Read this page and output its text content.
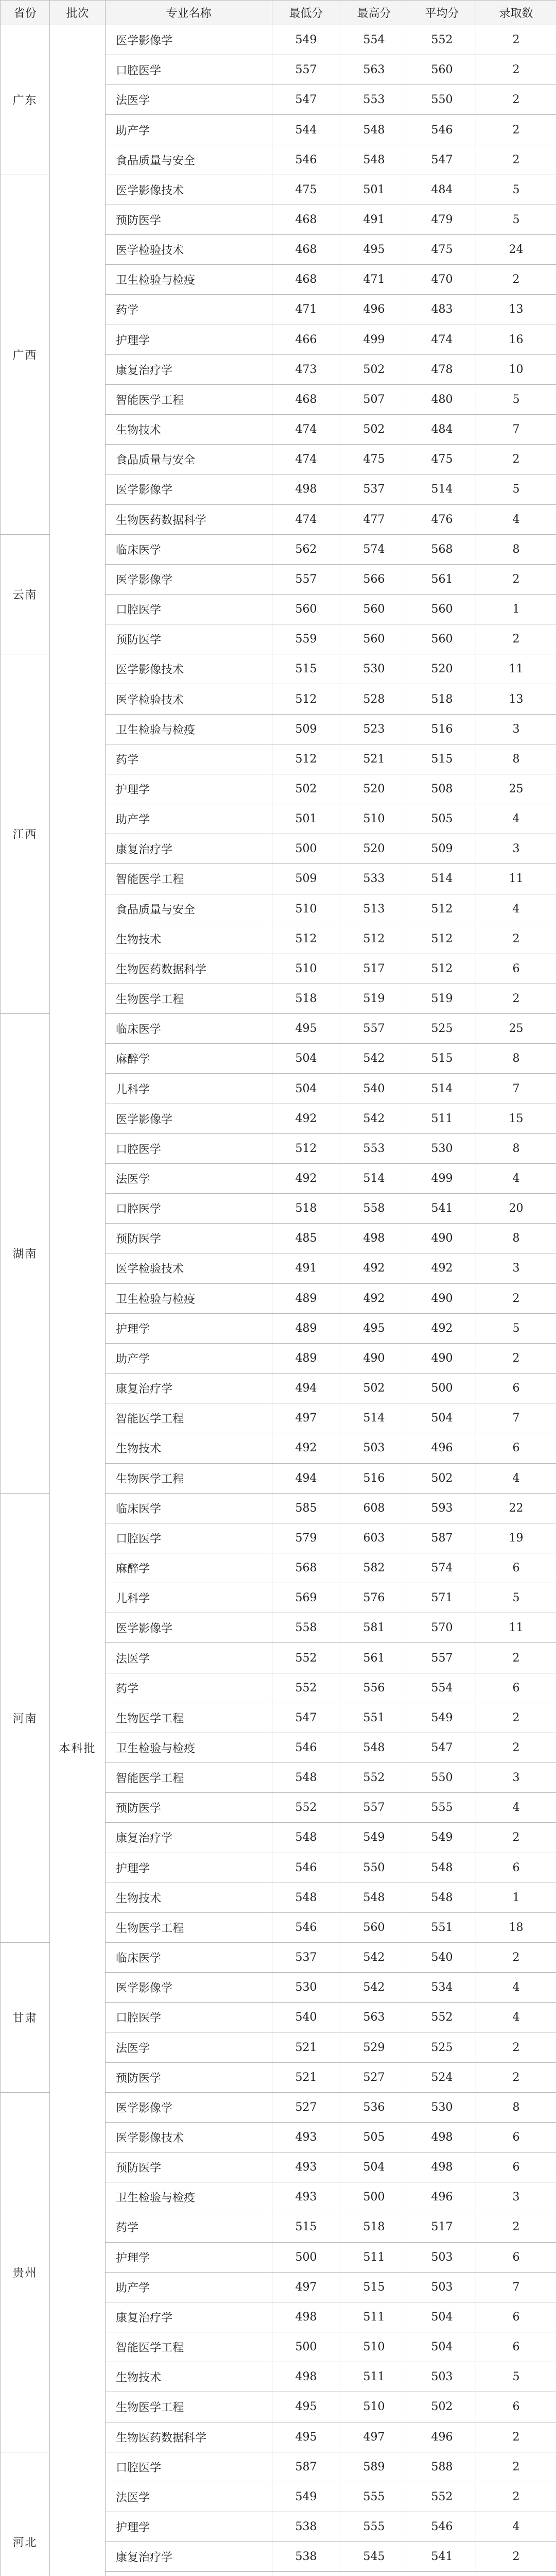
省份	批次	专业名称	最低分	最高分	平均分	录取数
广东	本科批	医学影像学	549	554	552	2
		口腔医学	557	563	560	2
		法医学	547	553	550	2
		助产学	544	548	546	2
		食品质量与安全	546	548	547	2
广西		医学影像技术	475	501	484	5
		预防医学	468	491	479	5
		医学检验技术	468	495	475	24
		卫生检验与检疫	468	471	470	2
		药学	471	496	483	13
		护理学	466	499	474	16
		康复治疗学	473	502	478	10
		智能医学工程	468	507	480	5
		生物技术	474	502	484	7
		食品质量与安全	474	475	475	2
		医学影像学	498	537	514	5
		生物医药数据科学	474	477	476	4
云南		临床医学	562	574	568	8
		医学影像学	557	566	561	2
		口腔医学	560	560	560	1
		预防医学	559	560	560	2
江西		医学影像技术	515	530	520	11
		医学检验技术	512	528	518	13
		卫生检验与检疫	509	523	516	3
		药学	512	521	515	8
		护理学	502	520	508	25
		助产学	501	510	505	4
		康复治疗学	500	520	509	3
		智能医学工程	509	533	514	11
		食品质量与安全	510	513	512	4
		生物技术	512	512	512	2
		生物医药数据科学	510	517	512	6
		生物医学工程	518	519	519	2
湖南		临床医学	495	557	525	25
		麻醉学	504	542	515	8
		儿科学	504	540	514	7
		医学影像学	492	542	511	15
		口腔医学	512	553	530	8
		法医学	492	514	499	4
		口腔医学	518	558	541	20
		预防医学	485	498	490	8
		医学检验技术	491	492	492	3
		卫生检验与检疫	489	492	490	2
		护理学	489	495	492	5
		助产学	489	490	490	2
		康复治疗学	494	502	500	6
		智能医学工程	497	514	504	7
		生物技术	492	503	496	6
		生物医学工程	494	516	502	4
河南		临床医学	585	608	593	22
		口腔医学	579	603	587	19
		麻醉学	568	582	574	6
		儿科学	569	576	571	5
		医学影像学	558	581	570	11
		法医学	552	561	557	2
		药学	552	556	554	6
		生物医学工程	547	551	549	2
		卫生检验与检疫	546	548	547	2
		智能医学工程	548	552	550	3
		预防医学	552	557	555	4
		康复治疗学	548	549	549	2
		护理学	546	550	548	6
		生物技术	548	548	548	1
		生物医学工程	546	560	551	18
甘肃		临床医学	537	542	540	2
		医学影像学	530	542	534	4
		口腔医学	540	563	552	4
		法医学	521	529	525	2
		预防医学	521	527	524	2
贵州		医学影像学	527	536	530	8
		医学影像技术	493	505	498	6
		预防医学	493	504	498	6
		卫生检验与检疫	493	500	496	3
		药学	515	518	517	2
		护理学	500	511	503	6
		助产学	497	515	503	7
		康复治疗学	498	511	504	6
		智能医学工程	500	510	504	6
		生物技术	498	511	503	5
		生物医学工程	495	510	502	6
		生物医药数据科学	495	497	496	2
河北		口腔医学	587	589	588	2
		法医学	549	555	552	2
		护理学	538	555	546	4
		康复治疗学	538	545	541	2
